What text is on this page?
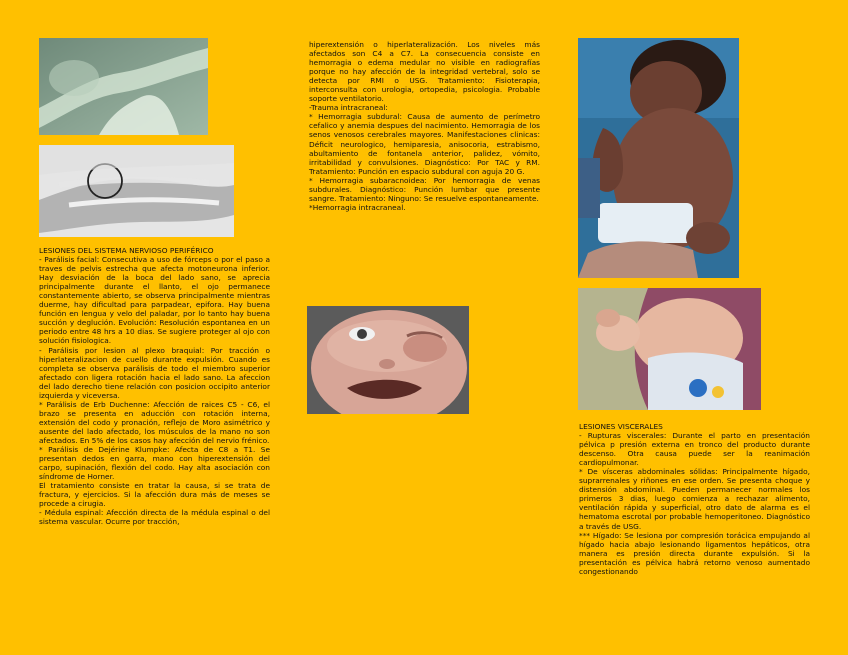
LESIONES DEL SISTEMA NERVIOSO PERIFÉRICO

- Parálisis facial: Consecutiva a uso de fórceps o por el paso a traves de pelvis estrecha que afecta motoneurona inferior. Hay desviación de la boca del lado sano, se aprecia principalmente durante el llanto, el ojo permanece constantemente abierto, se observa principalmente mientras duerme, hay dificultad para parpadear, epifora. Hay buena función en lengua y velo del paladar, por lo tanto hay buena succión y deglución. Evolución: Resolución espontanea en un periodo entre 48 hrs a 10 dias. Se sugiere proteger al ojo con solución fisiologica.

- Parálisis por lesion al plexo braquial: Por tracción o hiperlateralizacion de cuello durante expulsión. Cuando es completa se observa parálisis de todo el miembro superior afectado con ligera rotación hacia el lado sano. La afeccion del lado derecho tiene relación con posicion occipito anterior izquierda y viceversa.

* Parálisis de Erb Duchenne: Afección de raices C5 - C6, el brazo se presenta en aducción con rotación interna, extensión del codo y pronación, reflejo de Moro asimétrico y ausente del lado afectado, los músculos de la mano no son afectados. En 5% de los casos hay afección del nervio frénico.

* Parálisis de Dejérine Klumpke: Afecta de C8 a T1. Se presentan dedos en garra, mano con hiperextensión del carpo, supinación, flexión del codo. Hay alta asociación con síndrome de Horner.

El tratamiento consiste en tratar la causa, si se trata de fractura, y ejercicios. Si la afección dura más de meses se procede a cirugia.

- Médula espinal: Afección directa de la médula espinal o del sistema vascular. Ocurre por tracción,

hiperextensión o hiperlateralización. Los niveles más afectados son C4 a C7. La consecuencia consiste en hemorragia o edema medular no visible en radiografías porque no hay afección de la integridad vertebral, solo se detecta por RMI o USG. Tratamiento: Fisioterapia, interconsulta con urologia, ortopedia, psicologia. Probable soporte ventilatorio.

-Trauma intracraneal:

* Hemorragia subdural: Causa de aumento de perímetro cefalico y anemia despues del nacimiento. Hemorragia de los senos venosos cerebrales mayores. Manifestaciones clinicas: Déficit neurologico, hemiparesia, anisocoria, estrabismo, abultamiento de fontanela anterior, palidez, vómito, irritabilidad y convulsiones. Diagnóstico: Por TAC y RM. Tratamiento: Punción en espacio subdural con aguja 20 G.

* Hemorragia subaracnoidea: Por hemorragia de venas subdurales. Diagnóstico: Punción lumbar que presente sangre. Tratamiento: Ninguno: Se resuelve espontaneamente.

*Hemorragia intracraneal.

LESIONES VISCERALES

- Rupturas viscerales: Durante el parto en presentación pélvica p presión externa en tronco del producto durante descenso. Otra causa puede ser la reanimación cardiopulmonar.

* De vísceras abdominales sólidas: Principalmente hígado, suprarrenales y riñones en ese orden. Se presenta choque y distensión abdominal. Pueden permanecer normales los primeros 3 dias, luego comienza a rechazar alimento, ventilación rápida y superficial, otro dato de alarma es el hematoma escrotal por probable hemoperitoneo. Diagnóstico a través de USG.

*** Hígado: Se lesiona por compresión torácica empujando al hígado hacia abajo lesionando ligamentos hepáticos, otra manera es presión directa durante expulsión. Si la presentación es pélvica habrá retorno venoso aumentado congestionando
